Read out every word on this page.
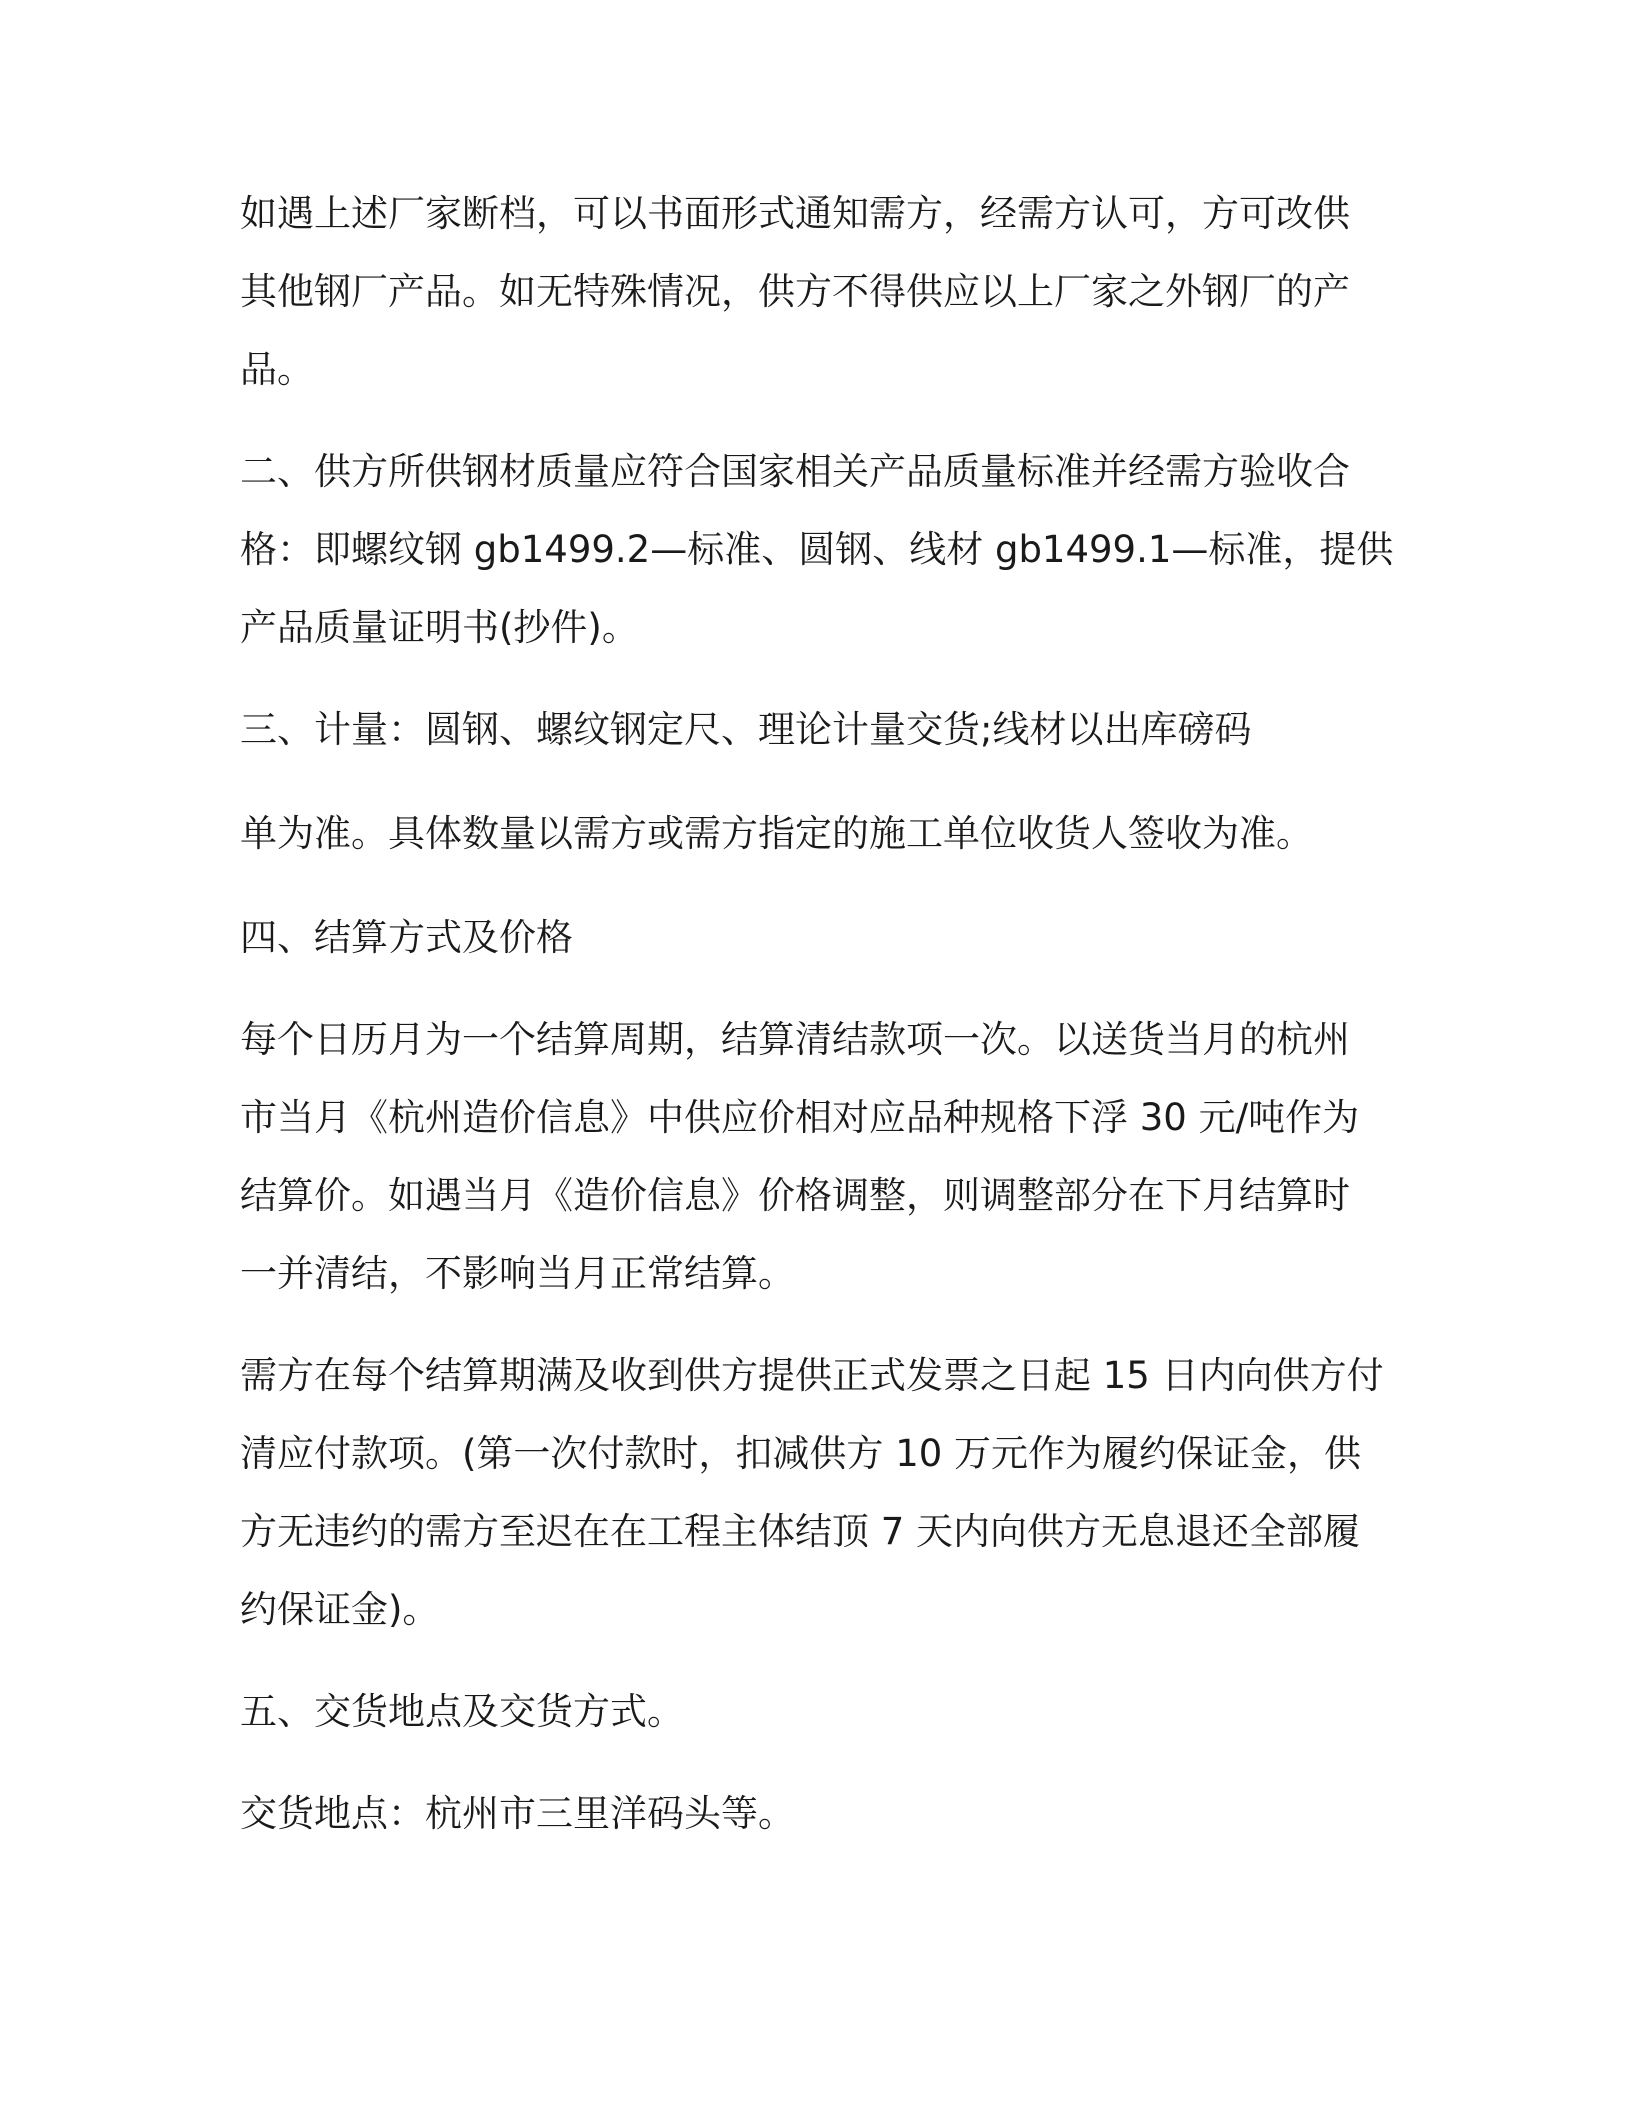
如遇上述厂家断档，可以书面形式通知需方，经需方认可，方可改供
其他钢厂产品。如无特殊情况，供方不得供应以上厂家之外钢厂的产
品。
二、供方所供钢材质量应符合国家相关产品质量标准并经需方验收合
格：即螺纹钢 gb1499.2—标准、圆钢、线材 gb1499.1—标准，提供
产品质量证明书(抄件)。
三、计量：圆钢、螺纹钢定尺、理论计量交货;线材以出库磅码
单为准。具体数量以需方或需方指定的施工单位收货人签收为准。
四、结算方式及价格
每个日历月为一个结算周期，结算清结款项一次。以送货当月的杭州
市当月《杭州造价信息》中供应价相对应品种规格下浮 30 元/吨作为
结算价。如遇当月《造价信息》价格调整，则调整部分在下月结算时
一并清结，不影响当月正常结算。
需方在每个结算期满及收到供方提供正式发票之日起 15 日内向供方付
清应付款项。(第一次付款时，扣减供方 10 万元作为履约保证金，供
方无违约的需方至迟在在工程主体结顶 7 天内向供方无息退还全部履
约保证金)。
五、交货地点及交货方式。
交货地点：杭州市三里洋码头等。
